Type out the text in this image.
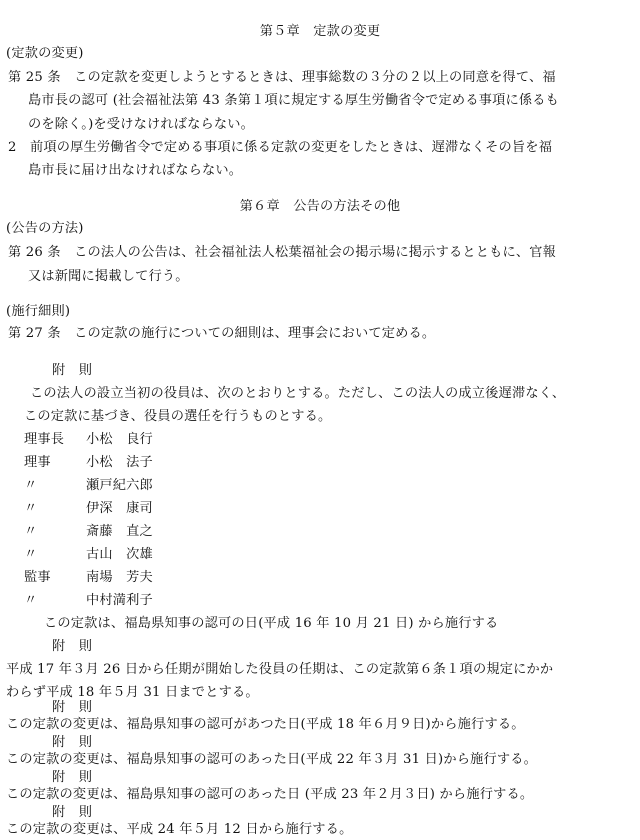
第５章　定款の変更
(定款の変更)
第 25 条　この定款を変更しようとするときは、理事総数の３分の２以上の同意を得て、福
島市長の認可 (社会福祉法第 43 条第１項に規定する厚生労働省令で定める事項に係るも
のを除く。)を受けなければならない。
2　前項の厚生労働省令で定める事項に係る定款の変更をしたときは、遅滞なくその旨を福
島市長に届け出なければならない。
第６章　公告の方法その他
(公告の方法)
第 26 条　この法人の公告は、社会福祉法人松葉福祉会の掲示場に掲示するとともに、官報
又は新聞に掲載して行う。
(施行細則)
第 27 条　この定款の施行についての細則は、理事会において定める。
附　則
この法人の設立当初の役員は、次のとおりとする。ただし、この法人の成立後遅滞なく、
この定款に基づき、役員の選任を行うものとする。
理事長 小松　良行
理事	小松　法子
〃	瀬戸紀六郎
〃	伊深　康司
〃	斎藤　直之
〃	古山　次雄
監事	南場　芳夫
〃	中村満利子
この定款は、福島県知事の認可の日(平成 16 年 10 月 21 日) から施行する
附　則
平成 17 年３月 26 日から任期が開始した役員の任期は、この定款第６条１項の規定にかか
わらず平成 18 年５月 31 日までとする。
附　則
この定款の変更は、福島県知事の認可があつた日(平成 18 年６月９日)から施行する。
附　則
この定款の変更は、福島県知事の認可のあった日(平成 22 年３月 31 日)から施行する。
附　則
この定款の変更は、福島県知事の認可のあった日 (平成 23 年２月３日) から施行する。
附　則
この定款の変更は、平成 24 年５月 12 日から施行する。
